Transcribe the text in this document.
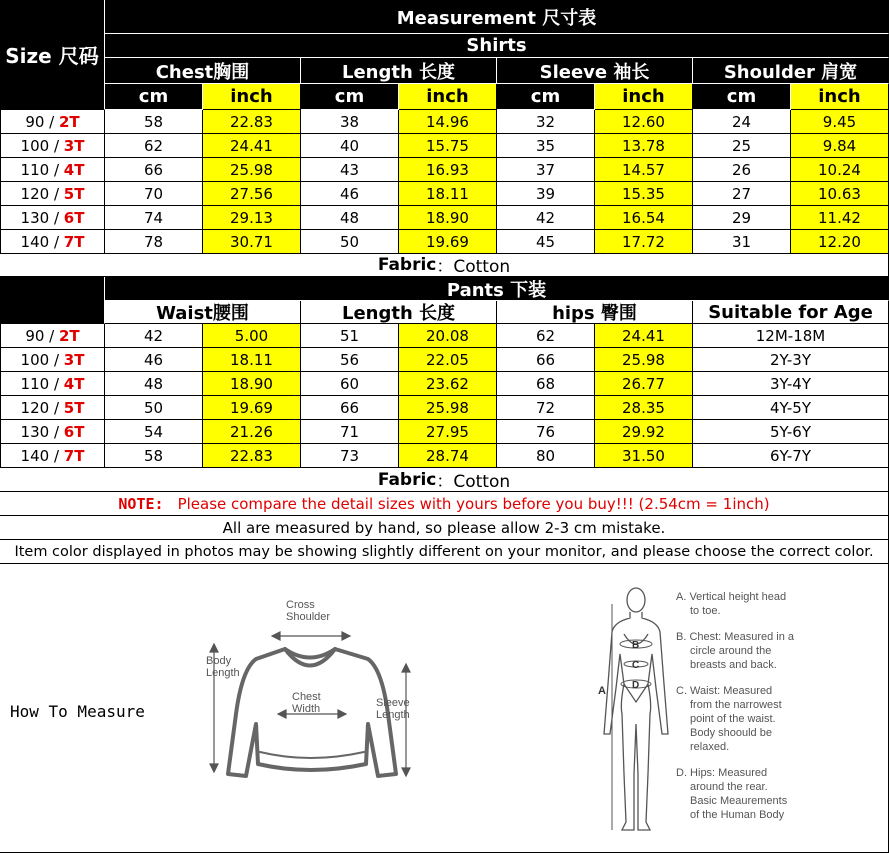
Size 尺码
Measurement 尺寸表
Shirts
Fabric ：Cotton
Pants 下装
Fabric ：Cotton
NOTE: Please compare the detail sizes with yours before you buy!!! (2.54cm = 1inch)
All are measured by hand, so please allow 2-3 cm mistake.
Item color displayed in photos may be showing slightly different on your monitor, and please choose the correct color.
How To Measure
Cross
Shoulder
Body
Length
Chest
Width	Sleeve
Length
A
B
C
D
A. Vertical height head
to toe.
B. Chest: Measured in a
circle around the
breasts and back.
C. Waist: Measured
from the narrowest
point of the waist.
Body shoould be
relaxed.
D. Hips: Measured
around the rear.
Basic Meaurements
of the Human Body
Chest胸围	Length 长度	Sleeve 袖长	Shoulder 肩宽
cm	inch	cm	inch	cm	inch	cm	inch
90 / 2T	58	22.83	38	14.96	32	12.60	24	9.45
100 / 3T	62	24.41	40	15.75	35	13.78	25	9.84
110 / 4T	66	25.98	43	16.93	37	14.57	26	10.24
120 / 5T	70	27.56	46	18.11	39	15.35	27	10.63
130 / 6T	74	29.13	48	18.90	42	16.54	29	11.42
140 / 7T	78	30.71	50	19.69	45	17.72	31	12.20
Waist腰围	Length 长度	hips 臀围	Suitable for Age
90 / 2T	42	5.00	51	20.08	62	24.41	12M-18M
100 / 3T	46	18.11	56	22.05	66	25.98	2Y-3Y
110 / 4T	48	18.90	60	23.62	68	26.77	3Y-4Y
120 / 5T	50	19.69	66	25.98	72	28.35	4Y-5Y
130 / 6T	54	21.26	71	27.95	76	29.92	5Y-6Y
140 / 7T	58	22.83	73	28.74	80	31.50	6Y-7Y
